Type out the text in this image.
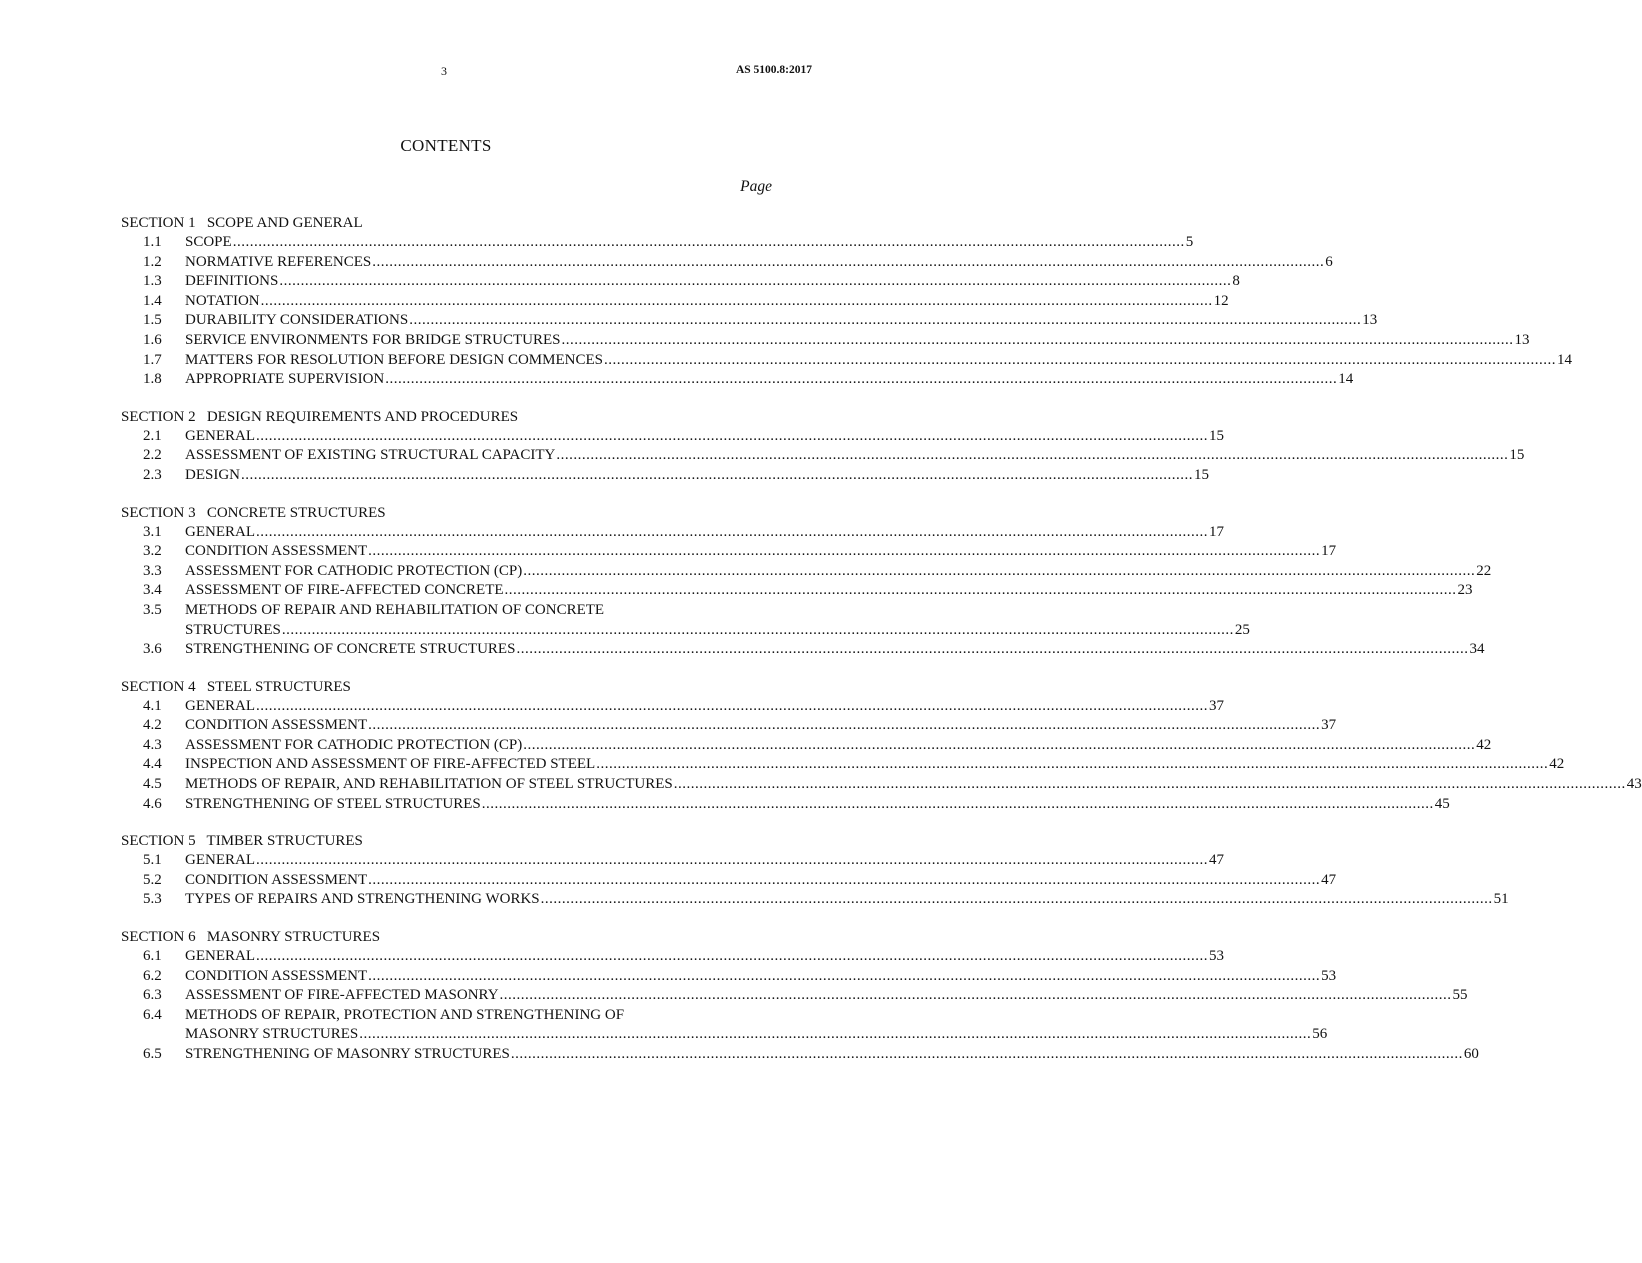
3	AS 5100.8:2017
CONTENTS
Page
SECTION 1   SCOPE AND GENERAL
1.1	SCOPE .....	5
1.2	NORMATIVE REFERENCES .....	6
1.3	DEFINITIONS .....	8
1.4	NOTATION .....	12
1.5	DURABILITY CONSIDERATIONS .....	13
1.6	SERVICE ENVIRONMENTS FOR BRIDGE STRUCTURES .....	13
1.7	MATTERS FOR RESOLUTION BEFORE DESIGN COMMENCES .....	14
1.8	APPROPRIATE SUPERVISION .....	14
SECTION 2   DESIGN REQUIREMENTS AND PROCEDURES
2.1	GENERAL .....	15
2.2	ASSESSMENT OF EXISTING STRUCTURAL CAPACITY .....	15
2.3	DESIGN .....	15
SECTION 3   CONCRETE STRUCTURES
3.1	GENERAL .....	17
3.2	CONDITION ASSESSMENT .....	17
3.3	ASSESSMENT FOR CATHODIC PROTECTION (CP) .....	22
3.4	ASSESSMENT OF FIRE-AFFECTED CONCRETE .....	23
3.5	METHODS OF REPAIR AND REHABILITATION OF CONCRETE
STRUCTURES .....	25
3.6	STRENGTHENING OF CONCRETE STRUCTURES .....	34
SECTION 4   STEEL STRUCTURES
4.1	GENERAL .....	37
4.2	CONDITION ASSESSMENT .....	37
4.3	ASSESSMENT FOR CATHODIC PROTECTION (CP) .....	42
4.4	INSPECTION AND ASSESSMENT OF FIRE-AFFECTED STEEL .....	42
4.5	METHODS OF REPAIR, AND REHABILITATION OF STEEL STRUCTURES .....	43
4.6	STRENGTHENING OF STEEL STRUCTURES .....	45
SECTION 5   TIMBER STRUCTURES
5.1	GENERAL .....	47
5.2	CONDITION ASSESSMENT .....	47
5.3	TYPES OF REPAIRS AND STRENGTHENING WORKS .....	51
SECTION 6   MASONRY STRUCTURES
6.1	GENERAL .....	53
6.2	CONDITION ASSESSMENT .....	53
6.3	ASSESSMENT OF FIRE-AFFECTED MASONRY .....	55
6.4	METHODS OF REPAIR, PROTECTION AND STRENGTHENING OF
MASONRY STRUCTURES .....	56
6.5	STRENGTHENING OF MASONRY STRUCTURES .....	60
